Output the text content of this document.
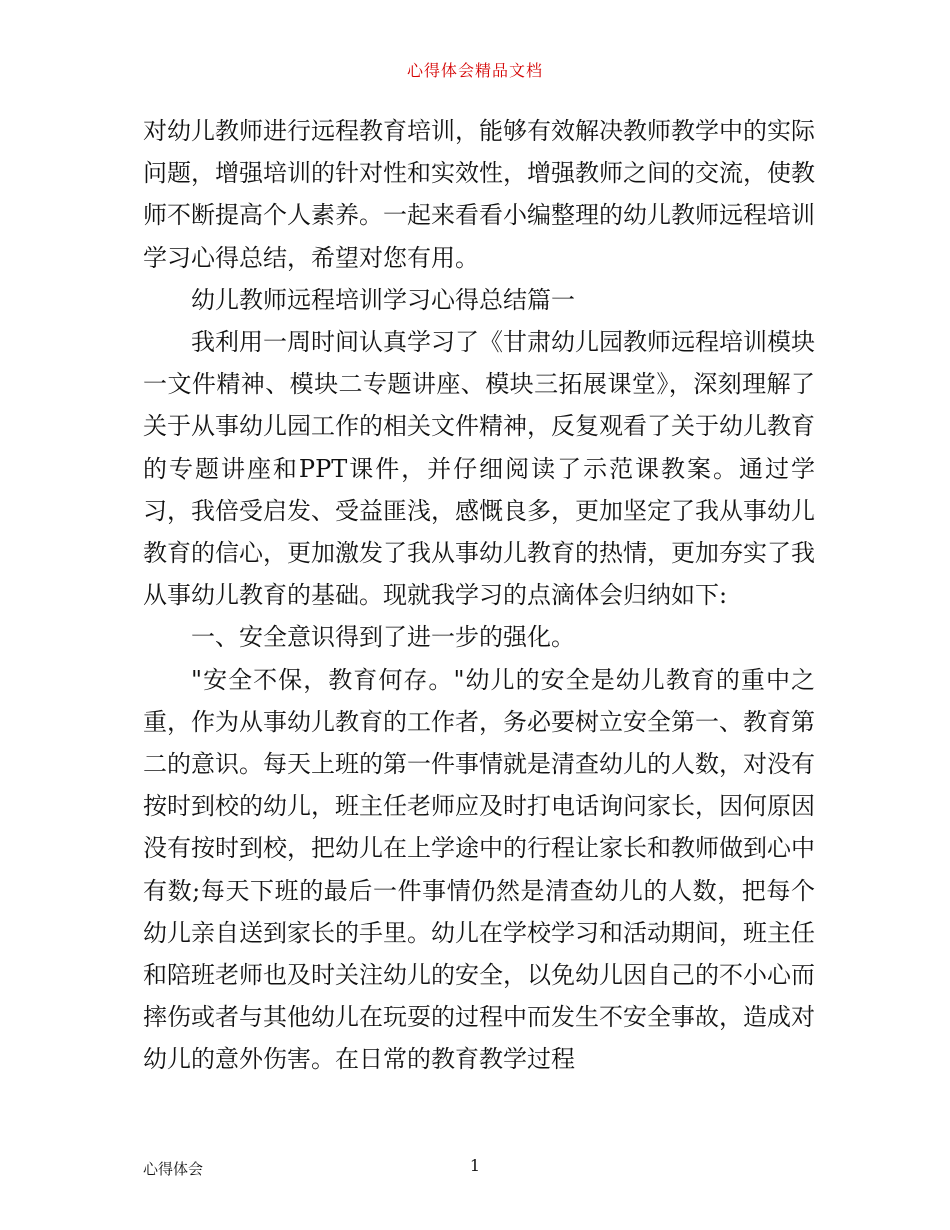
心得体会精品文档

对幼儿教师进行远程教育培训，能够有效解决教师教学中的实际问题，增强培训的针对性和实效性，增强教师之间的交流，使教师不断提高个人素养。一起来看看小编整理的幼儿教师远程培训学习心得总结，希望对您有用。

幼儿教师远程培训学习心得总结篇一

我利用一周时间认真学习了《甘肃幼儿园教师远程培训模块一文件精神、模块二专题讲座、模块三拓展课堂》，深刻理解了关于从事幼儿园工作的相关文件精神，反复观看了关于幼儿教育的专题讲座和PPT课件，并仔细阅读了示范课教案。通过学习，我倍受启发、受益匪浅，感慨良多，更加坚定了我从事幼儿教育的信心，更加激发了我从事幼儿教育的热情，更加夯实了我从事幼儿教育的基础。现就我学习的点滴体会归纳如下:

一、安全意识得到了进一步的强化。

"安全不保，教育何存。"幼儿的安全是幼儿教育的重中之重，作为从事幼儿教育的工作者，务必要树立安全第一、教育第二的意识。每天上班的第一件事情就是清查幼儿的人数，对没有按时到校的幼儿，班主任老师应及时打电话询问家长，因何原因没有按时到校，把幼儿在上学途中的行程让家长和教师做到心中有数;每天下班的最后一件事情仍然是清查幼儿的人数，把每个幼儿亲自送到家长的手里。幼儿在学校学习和活动期间，班主任和陪班老师也及时关注幼儿的安全，以免幼儿因自己的不小心而摔伤或者与其他幼儿在玩耍的过程中而发生不安全事故，造成对幼儿的意外伤害。在日常的教育教学过程

心得体会	1
